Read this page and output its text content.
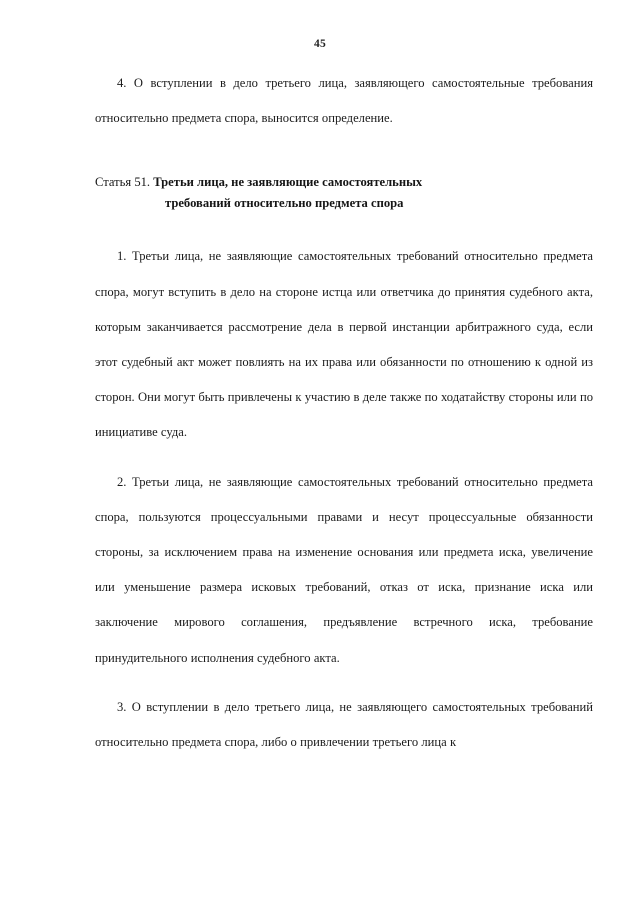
45

4. О вступлении в дело третьего лица, заявляющего самостоятельные требования относительно предмета спора, выносится определение.

Статья 51. Третьи лица, не заявляющие самостоятельных
требований относительно предмета спора

1. Третьи лица, не заявляющие самостоятельных требований относительно предмета спора, могут вступить в дело на стороне истца или ответчика до принятия судебного акта, которым заканчивается рассмотрение дела в первой инстанции арбитражного суда, если этот судебный акт может повлиять на их права или обязанности по отношению к одной из сторон. Они могут быть привлечены к участию в деле также по ходатайству стороны или по инициативе суда.

2. Третьи лица, не заявляющие самостоятельных требований относительно предмета спора, пользуются процессуальными правами и несут процессуальные обязанности стороны, за исключением права на изменение основания или предмета иска, увеличение или уменьшение размера исковых требований, отказ от иска, признание иска или заключение мирового соглашения, предъявление встречного иска, требование принудительного исполнения судебного акта.

3. О вступлении в дело третьего лица, не заявляющего самостоятельных требований относительно предмета спора, либо о привлечении третьего лица к
